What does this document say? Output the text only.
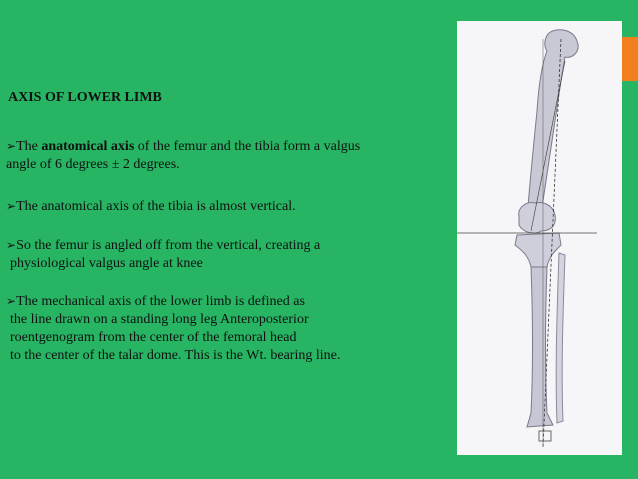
AXIS OF LOWER LIMB
➢The anatomical axis of the femur and the tibia form a valgus
angle of 6 degrees ± 2 degrees.
➢The anatomical axis of the tibia is almost vertical.
➢So the femur is angled off from the vertical, creating a
physiological valgus angle at knee
➢The mechanical axis of the lower limb is defined as
the line drawn on a standing long leg Anteroposterior
roentgenogram from the center of the femoral head
to the center of the talar dome. This is the Wt. bearing line.
